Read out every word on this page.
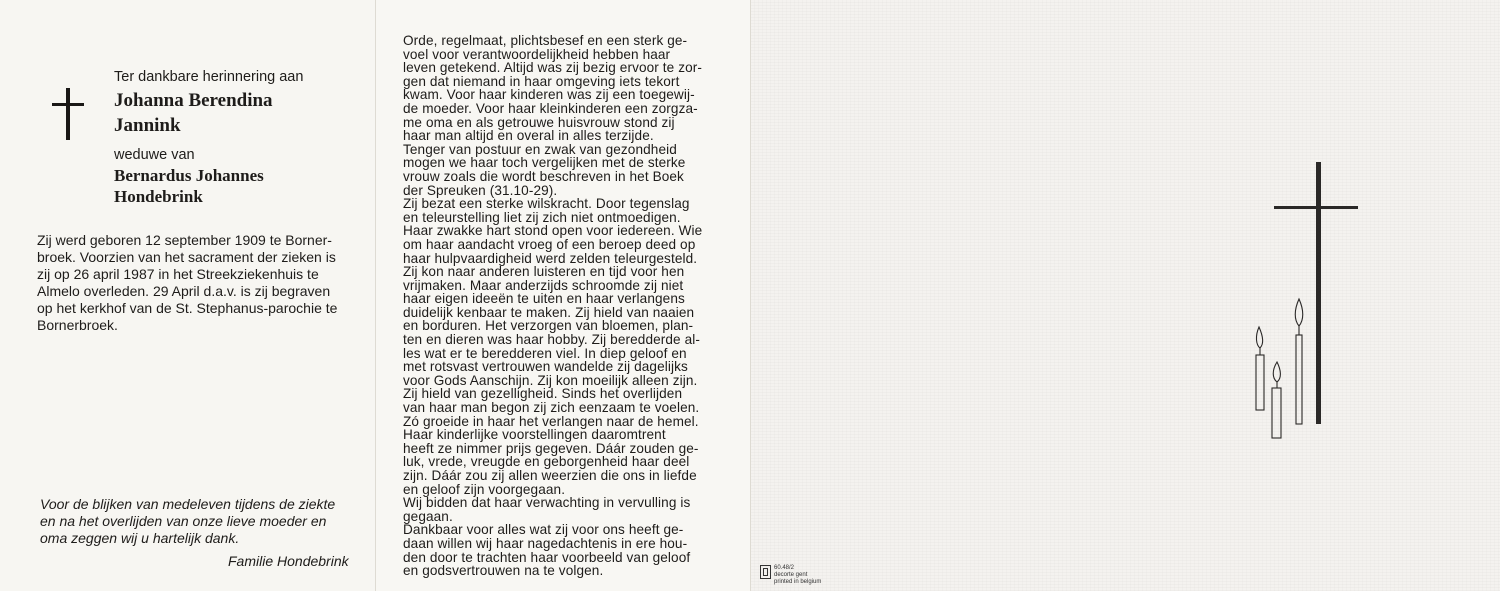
Ter dankbare herinnering aan
Johanna Berendina
Jannink
weduwe van
Bernardus Johannes
Hondebrink
Zij werd geboren 12 september 1909 te Borner-
broek. Voorzien van het sacrament der zieken is
zij op 26 april 1987 in het Streekziekenhuis te
Almelo overleden. 29 April d.a.v. is zij begraven
op het kerkhof van de St. Stephanus-parochie te
Bornerbroek.
Voor de blijken van medeleven tijdens de ziekte
en na het overlijden van onze lieve moeder en
oma zeggen wij u hartelijk dank.
Familie Hondebrink
Orde, regelmaat, plichtsbesef en een sterk ge-
voel voor verantwoordelijkheid hebben haar
leven getekend. Altijd was zij bezig ervoor te zor-
gen dat niemand in haar omgeving iets tekort
kwam. Voor haar kinderen was zij een toegewij-
de moeder. Voor haar kleinkinderen een zorgza-
me oma en als getrouwe huisvrouw stond zij
haar man altijd en overal in alles terzijde.
Tenger van postuur en zwak van gezondheid
mogen we haar toch vergelijken met de sterke
vrouw zoals die wordt beschreven in het Boek
der Spreuken (31.10-29).
Zij bezat een sterke wilskracht. Door tegenslag
en teleurstelling liet zij zich niet ontmoedigen.
Haar zwakke hart stond open voor iedereen. Wie
om haar aandacht vroeg of een beroep deed op
haar hulpvaardigheid werd zelden teleurgesteld.
Zij kon naar anderen luisteren en tijd voor hen
vrijmaken. Maar anderzijds schroomde zij niet
haar eigen ideeën te uiten en haar verlangens
duidelijk kenbaar te maken. Zij hield van naaien
en borduren. Het verzorgen van bloemen, plan-
ten en dieren was haar hobby. Zij beredderde al-
les wat er te beredderen viel. In diep geloof en
met rotsvast vertrouwen wandelde zij dagelijks
voor Gods Aanschijn. Zij kon moeilijk alleen zijn.
Zij hield van gezelligheid. Sinds het overlijden
van haar man begon zij zich eenzaam te voelen.
Zó groeide in haar het verlangen naar de hemel.
Haar kinderlijke voorstellingen daaromtrent
heeft ze nimmer prijs gegeven. Dáár zouden ge-
luk, vrede, vreugde en geborgenheid haar deel
zijn. Dáár zou zij allen weerzien die ons in liefde
en geloof zijn voorgegaan.
Wij bidden dat haar verwachting in vervulling is
gegaan.
Dankbaar voor alles wat zij voor ons heeft ge-
daan willen wij haar nagedachtenis in ere hou-
den door te trachten haar voorbeeld van geloof
en godsvertrouwen na te volgen.	60.48/2
decorte gent
printed in belgium
